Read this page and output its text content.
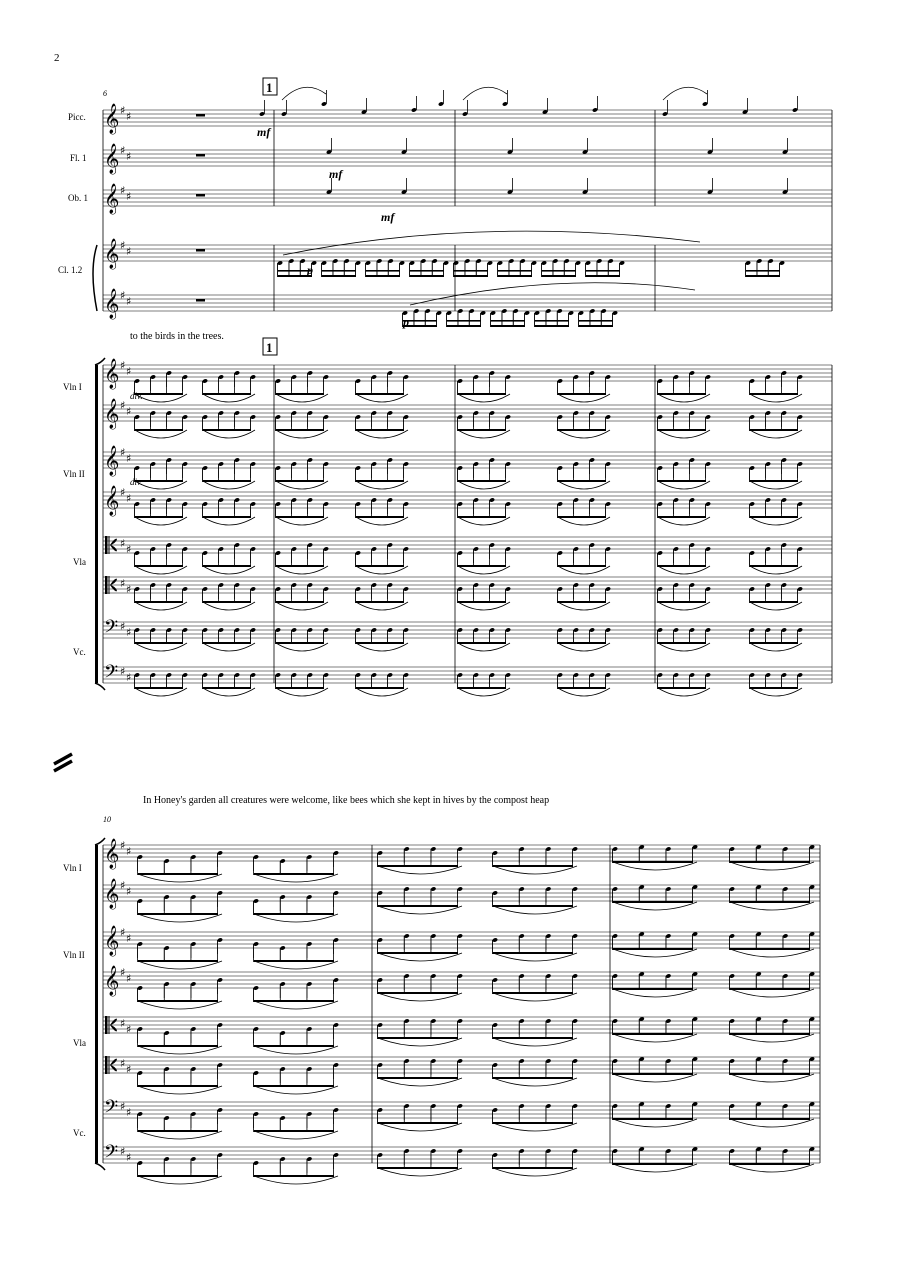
2
𝄞 ♯ ♯
𝄞 ♯ ♯
𝄞 ♯ ♯
𝄞 ♯ ♯
𝄞 ♯ ♯
𝄞 ♯ ♯
𝄞 ♯ ♯
𝄞 ♯ ♯
𝄞 ♯ ♯
♯ ♯
♯ ♯
𝄢 ♯ ♯
𝄢 ♯ ♯
𝄞 ♯ ♯
𝄞 ♯ ♯
𝄞 ♯ ♯
𝄞 ♯ ♯
♯ ♯
♯ ♯
𝄢 ♯ ♯
𝄢 ♯ ♯
6
10
to the birds in the trees.
In Honey's garden all creatures were welcome, like bees which she kept in hives by the compost heap
1
1
Picc.
Fl. 1
Ob. 1
Cl. 1.2
Vln I
Vln II
Vla
Vc.
Vln I
Vln II
Vla
Vc.
mf
mf
mf
p
p
div.
div.
